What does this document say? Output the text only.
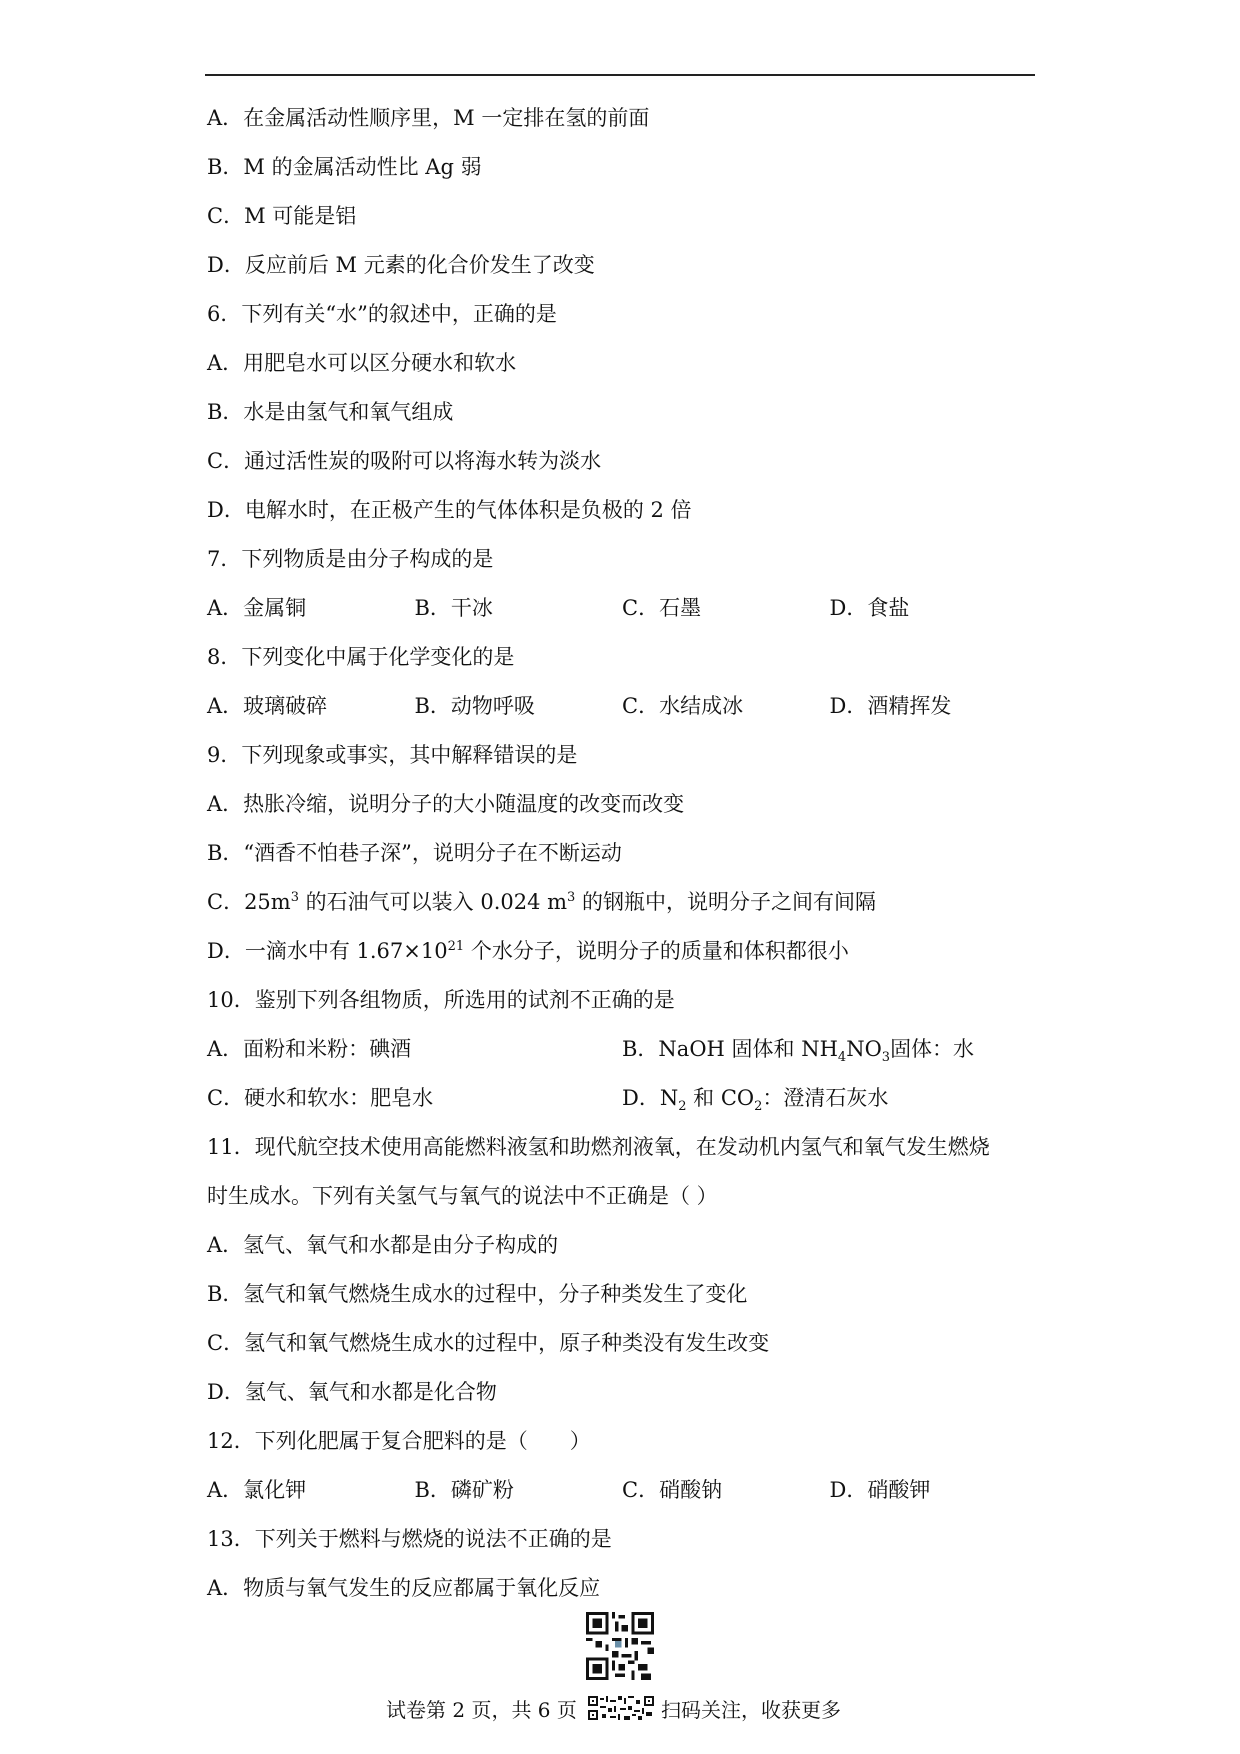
A．在金属活动性顺序里，M 一定排在氢的前面
B．M 的金属活动性比 Ag 弱
C．M 可能是铝
D．反应前后 M 元素的化合价发生了改变
6．下列有关“水”的叙述中，正确的是
A．用肥皂水可以区分硬水和软水
B．水是由氢气和氧气组成
C．通过活性炭的吸附可以将海水转为淡水
D．电解水时，在正极产生的气体体积是负极的 2 倍
7．下列物质是由分子构成的是
A．金属铜	B．干冰	C．石墨	D．食盐
8．下列变化中属于化学变化的是
A．玻璃破碎	B．动物呼吸	C．水结成冰	D．酒精挥发
9．下列现象或事实，其中解释错误的是
A．热胀冷缩，说明分子的大小随温度的改变而改变
B．“酒香不怕巷子深”，说明分子在不断运动
C．$25m^3$ 的石油气可以装入 0.024 $m^3$ 的钢瓶中，说明分子之间有间隔
D．一滴水中有 $1.67\times 10^{21}$ 个水分子，说明分子的质量和体积都很小
10．鉴别下列各组物质，所选用的试剂不正确的是
A．面粉和米粉：碘酒	B．NaOH 固体和 $NH_4NO_3$固体：水
C．硬水和软水：肥皂水	D．$N_2$ 和 $CO_2$：澄清石灰水
11．现代航空技术使用高能燃料液氢和助燃剂液氧，在发动机内氢气和氧气发生燃烧
时生成水。下列有关氢气与氧气的说法中不正确是（ ）
A．氢气、氧气和水都是由分子构成的
B．氢气和氧气燃烧生成水的过程中，分子种类发生了变化
C．氢气和氧气燃烧生成水的过程中，原子种类没有发生改变
D．氢气、氧气和水都是化合物
12．下列化肥属于复合肥料的是（　　）
A．氯化钾	B．磷矿粉	C．硝酸钠	D．硝酸钾
13．下列关于燃料与燃烧的说法不正确的是
A．物质与氧气发生的反应都属于氧化反应
试卷第 2 页，共 6 页	扫码关注，收获更多
